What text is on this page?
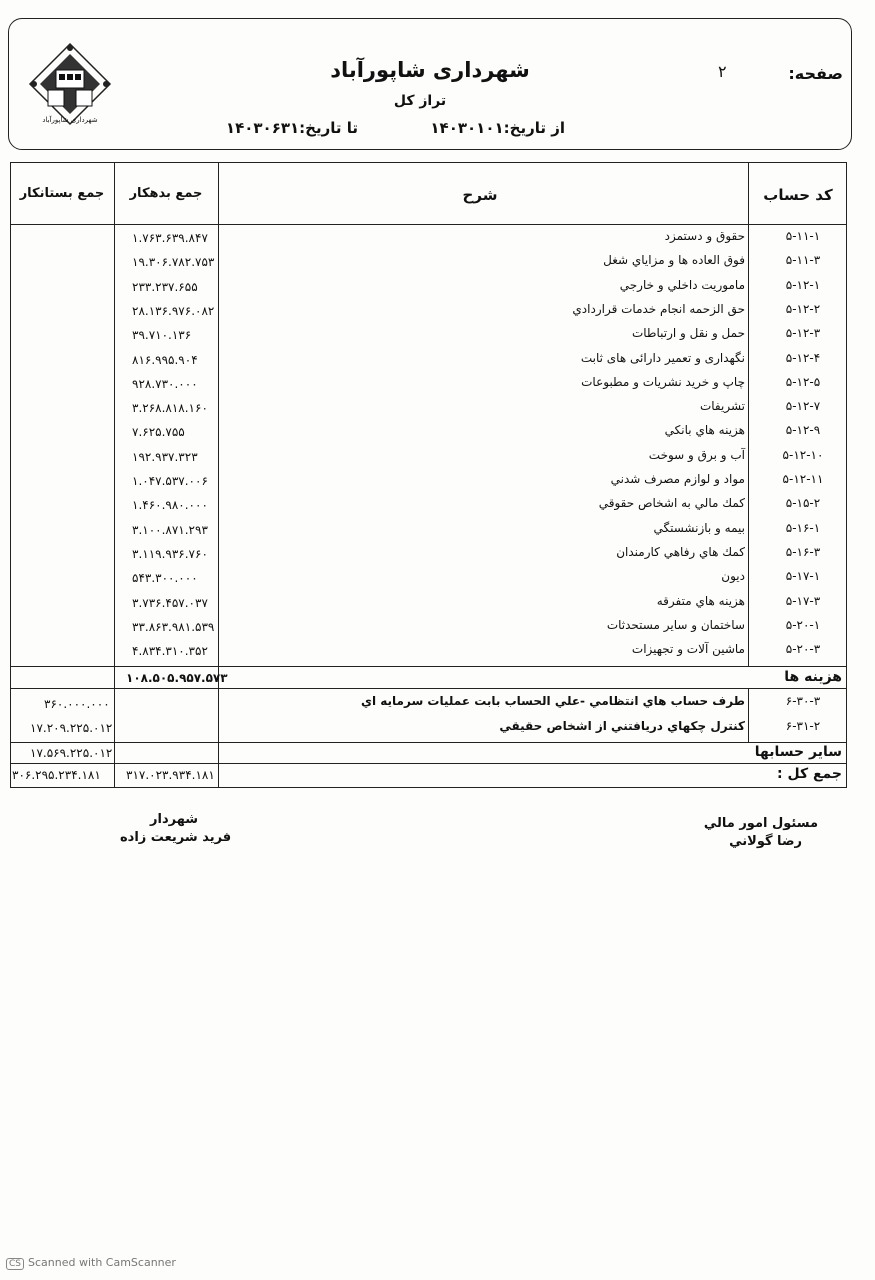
شهرداری شاپورآباد
شهرداری شاپورآباد
تراز کل
صفحه:
۲
از تاریخ:۱۴۰۳۰۱۰۱
تا تاریخ:۱۴۰۳۰۶۳۱
کد حساب
شرح
جمع بدهکار
جمع بستانکار
۵-۱۱-۱
حقوق و دستمزد
۱.۷۶۳.۶۳۹.۸۴۷
۵-۱۱-۳
فوق العاده ها و مزاياي شغل
۱۹.۳۰۶.۷۸۲.۷۵۳
۵-۱۲-۱
ماموريت داخلي و خارجي
۲۳۳.۲۳۷.۶۵۵
۵-۱۲-۲
حق الزحمه انجام خدمات قراردادي
۲۸.۱۳۶.۹۷۶.۰۸۲
۵-۱۲-۳
حمل و نقل و ارتباطات
۳۹.۷۱۰.۱۳۶
۵-۱۲-۴
نگهداری و تعمیر دارائی های ثابت
۸۱۶.۹۹۵.۹۰۴
۵-۱۲-۵
چاپ و خريد نشريات و مطبوعات
۹۲۸.۷۳۰.۰۰۰
۵-۱۲-۷
تشريفات
۳.۲۶۸.۸۱۸.۱۶۰
۵-۱۲-۹
هزينه هاي بانكي
۷.۶۲۵.۷۵۵
۵-۱۲-۱۰
آب و برق و سوخت
۱۹۲.۹۳۷.۳۲۳
۵-۱۲-۱۱
مواد و لوازم مصرف شدني
۱.۰۴۷.۵۳۷.۰۰۶
۵-۱۵-۲
كمك مالي به اشخاص حقوقي
۱.۴۶۰.۹۸۰.۰۰۰
۵-۱۶-۱
بيمه و بازنشستگي
۳.۱۰۰.۸۷۱.۲۹۳
۵-۱۶-۳
كمك هاي رفاهي كارمندان
۳.۱۱۹.۹۳۶.۷۶۰
۵-۱۷-۱
ديون
۵۴۳.۳۰۰.۰۰۰
۵-۱۷-۳
هزينه هاي متفرقه
۳.۷۳۶.۴۵۷.۰۳۷
۵-۲۰-۱
ساختمان و ساير مستحدثات
۳۳.۸۶۳.۹۸۱.۵۳۹
۵-۲۰-۳
ماشين آلات و تجهيزات
۴.۸۳۴.۳۱۰.۳۵۲
هزینه ها
۱۰۸.۵۰۵.۹۵۷.۵۷۳
۶-۳۰-۳
طرف حساب هاي انتظامي -علي الحساب بابت عمليات سرمايه اي
۳۶۰.۰۰۰.۰۰۰
۶-۳۱-۲
كنترل چكهاي دريافتني از اشخاص حقيقي
۱۷.۲۰۹.۲۲۵.۰۱۲
سایر حسابها
۱۷.۵۶۹.۲۲۵.۰۱۲
جمع کل :
۳۱۷.۰۲۳.۹۳۴.۱۸۱
۳۰۶.۲۹۵.۲۳۴.۱۸۱
مسئول امور مالي
رضا گولاني
شهردار
فرید شریعت زاده
CS Scanned with CamScanner
